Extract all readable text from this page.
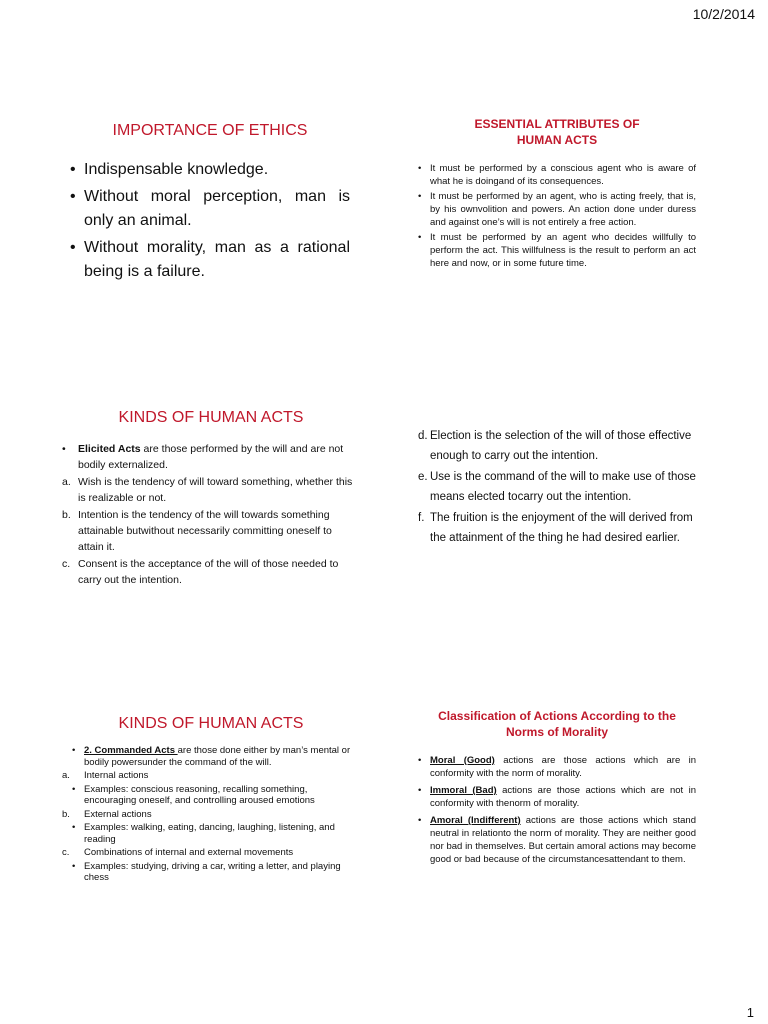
10/2/2014
IMPORTANCE OF ETHICS
• Indispensable knowledge.
• Without moral perception, man is only an animal.
• Without morality, man as a rational being is a failure.
ESSENTIAL ATTRIBUTES OF
HUMAN ACTS
• It must be performed by a conscious agent who is aware of what he is doingand of its consequences.
• It must be performed by an agent, who is acting freely, that is, by his ownvolition and powers. An action done under duress and against one’s will is not entirely a free action.
• It must be performed by an agent who decides willfully to perform the act. This willfulness is the result to perform an act here and now, or in some future time.
KINDS OF HUMAN ACTS
• Elicited Acts are those performed by the will and are not bodily externalized.
a. Wish is the tendency of will toward something, whether this is realizable or not.
b. Intention is the tendency of the will towards something attainable butwithout necessarily committing oneself to attain it.
c. Consent is the acceptance of the will of those needed to carry out the intention.
d. Election is the selection of the will of those effective enough to carry out the intention.
e. Use is the command of the will to make use of those means elected tocarry out the intention.
f. The fruition is the enjoyment of the will derived from the attainment of the thing he had desired earlier.
KINDS OF HUMAN ACTS
• 2. Commanded Acts are those done either by man’s mental or bodily powersunder the command of the will.
a. Internal actions
• Examples: conscious reasoning, recalling something, encouraging oneself, and controlling aroused emotions
b. External actions
• Examples: walking, eating, dancing, laughing, listening, and reading
c. Combinations of internal and external movements
• Examples: studying, driving a car, writing a letter, and playing chess
Classification of Actions According to the
Norms of Morality
• Moral (Good) actions are those actions which are in conformity with the norm of morality.
• Immoral (Bad) actions are those actions which are not in conformity with thenorm of morality.
• Amoral (Indifferent) actions are those actions which stand neutral in relationto the norm of morality. They are neither good nor bad in themselves. But certain amoral actions may become good or bad because of the circumstancesattendant to them.
1
